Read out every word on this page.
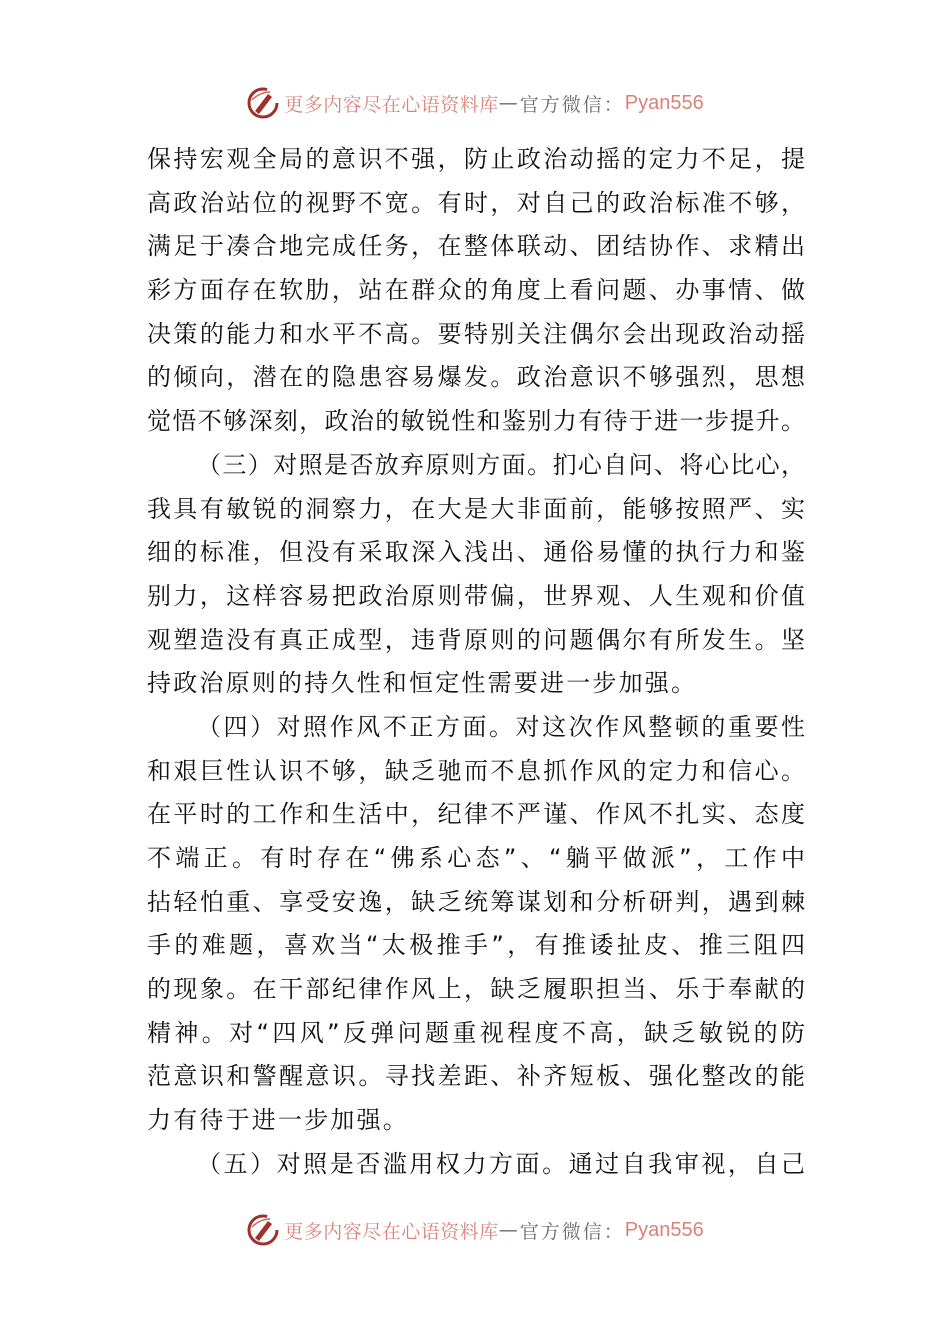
更多内容尽在心语资料库 — 官方微信： Pyan556
保持宏观全局的意识不强，防止政治动摇的定力不足，提
高政治站位的视野不宽。有时，对自己的政治标准不够，
满足于凑合地完成任务，在整体联动、团结协作、求精出
彩方面存在软肋，站在群众的角度上看问题、办事情、做
决策的能力和水平不高。要特别关注偶尔会出现政治动摇
的倾向，潜在的隐患容易爆发。政治意识不够强烈，思想
觉悟不够深刻，政治的敏锐性和鉴别力有待于进一步提升。
（三）对照是否放弃原则方面。扪心自问、将心比心，
我具有敏锐的洞察力，在大是大非面前，能够按照严、实
细的标准，但没有采取深入浅出、通俗易懂的执行力和鉴
别力，这样容易把政治原则带偏，世界观、人生观和价值
观塑造没有真正成型，违背原则的问题偶尔有所发生。坚
持政治原则的持久性和恒定性需要进一步加强。
（四）对照作风不正方面。对这次作风整顿的重要性
和艰巨性认识不够，缺乏驰而不息抓作风的定力和信心。
在平时的工作和生活中，纪律不严谨、作风不扎实、态度
不端正。有时存在“佛系心态”、“躺平做派”，工作中
拈轻怕重、享受安逸，缺乏统筹谋划和分析研判，遇到棘
手的难题，喜欢当“太极推手”，有推诿扯皮、推三阻四
的现象。在干部纪律作风上，缺乏履职担当、乐于奉献的
精神。对“四风”反弹问题重视程度不高，缺乏敏锐的防
范意识和警醒意识。寻找差距、补齐短板、强化整改的能
力有待于进一步加强。
（五）对照是否滥用权力方面。通过自我审视，自己
更多内容尽在心语资料库 — 官方微信： Pyan556
